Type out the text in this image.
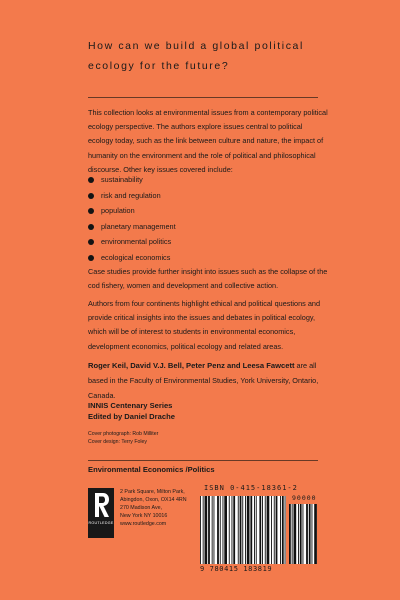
How can we build a global political
ecology for the future?

This collection looks at environmental issues from a contemporary political ecology perspective. The authors explore issues central to political ecology today, such as the link between culture and nature, the impact of humanity on the environment and the role of political and philosophical discourse. Other key issues covered include:

sustainability
risk and regulation
population
planetary management
environmental politics
ecological economics

Case studies provide further insight into issues such as the collapse of the cod fishery, women and development and collective action.

Authors from four continents highlight ethical and political questions and provide critical insights into the issues and debates in political ecology, which will be of interest to students in environmental economics, development economics, political ecology and related areas.

Roger Keil, David V.J. Bell, Peter Penz and Leesa Fawcett are all based in the Faculty of Environmental Studies, York University, Ontario, Canada.

INNIS Centenary Series
Edited by Daniel Drache
Cover photograph: Rob Milliter
Cover design: Terry Foley
Environmental Economics /Politics
ROUTLEDGE
2 Park Square, Milton Park,
Abingdon, Oxon, OX14 4RN
270 Madison Ave,
New York NY 10016
www.routledge.com
ISBN 0-415-18361-2
90000
9 780415 183819
